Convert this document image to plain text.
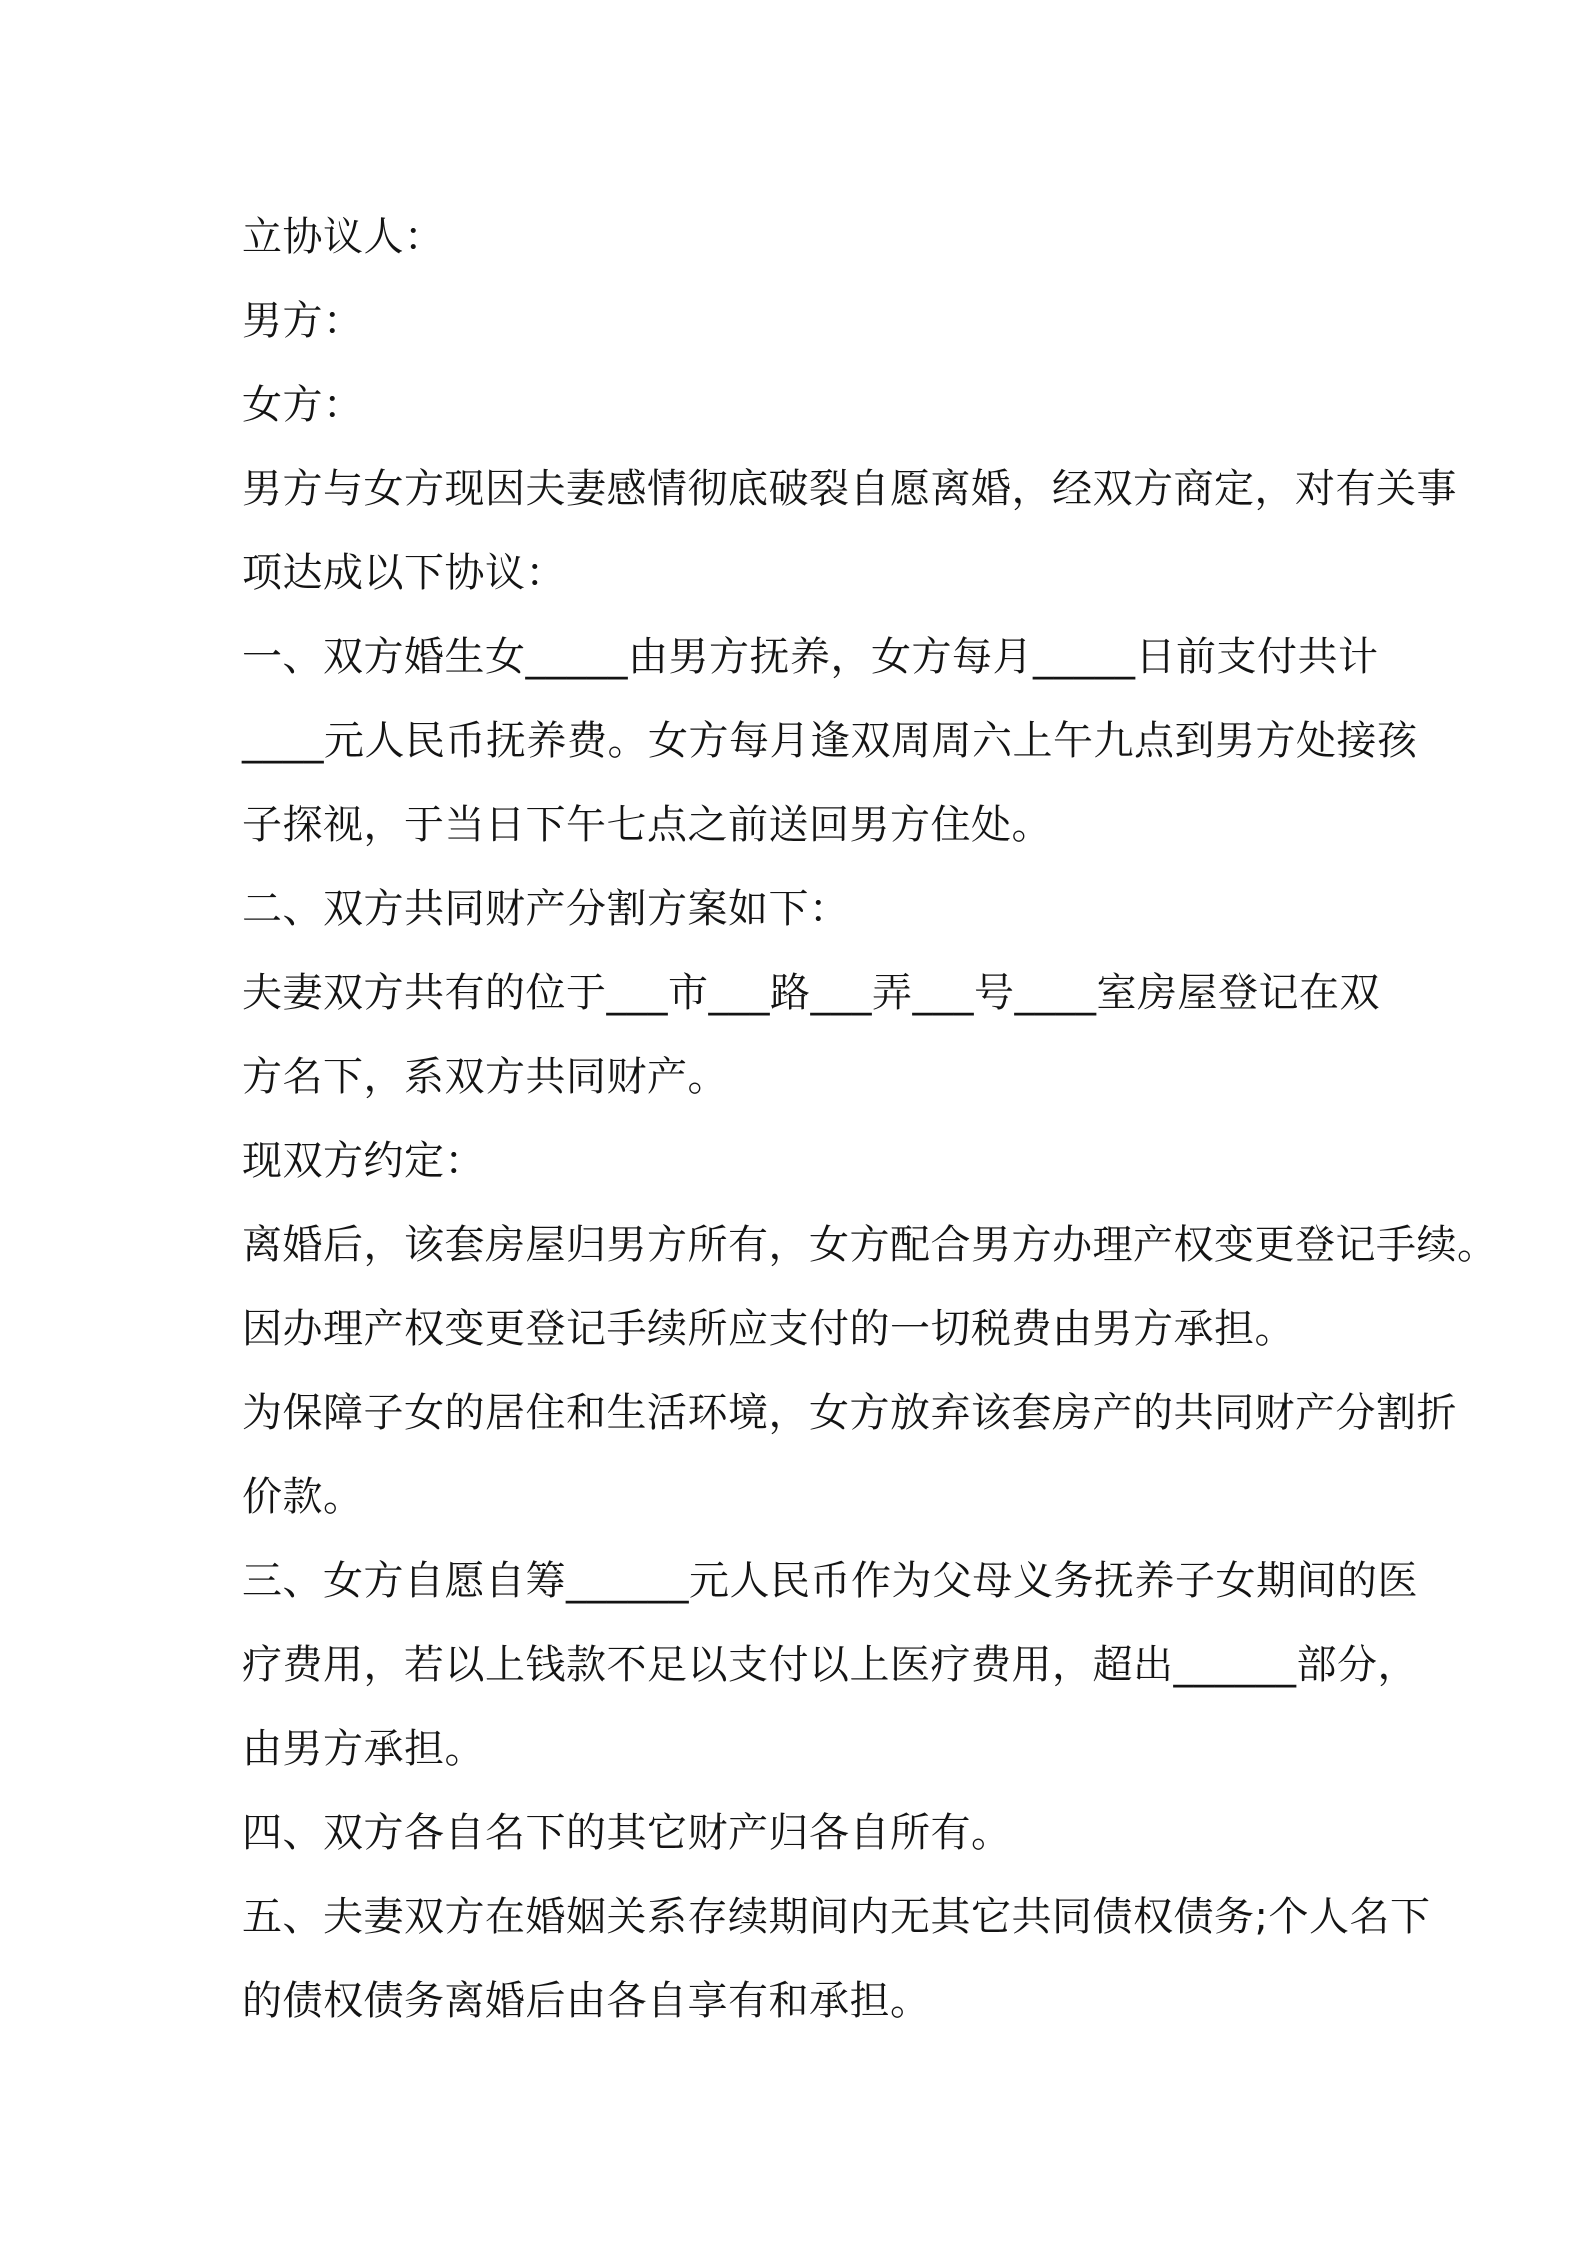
立协议人：
男方：
女方：
男方与女方现因夫妻感情彻底破裂自愿离婚，经双方商定，对有关事
项达成以下协议：
一、双方婚生女_____由男方抚养，女方每月_____日前支付共计
____元人民币抚养费。女方每月逢双周周六上午九点到男方处接孩
子探视，于当日下午七点之前送回男方住处。
二、双方共同财产分割方案如下：
夫妻双方共有的位于___市___路___弄___号____室房屋登记在双
方名下，系双方共同财产。
现双方约定：
离婚后，该套房屋归男方所有，女方配合男方办理产权变更登记手续。
因办理产权变更登记手续所应支付的一切税费由男方承担。
为保障子女的居住和生活环境，女方放弃该套房产的共同财产分割折
价款。
三、女方自愿自筹______元人民币作为父母义务抚养子女期间的医
疗费用，若以上钱款不足以支付以上医疗费用，超出______部分，
由男方承担。
四、双方各自名下的其它财产归各自所有。
五、夫妻双方在婚姻关系存续期间内无其它共同债权债务;个人名下
的债权债务离婚后由各自享有和承担。
